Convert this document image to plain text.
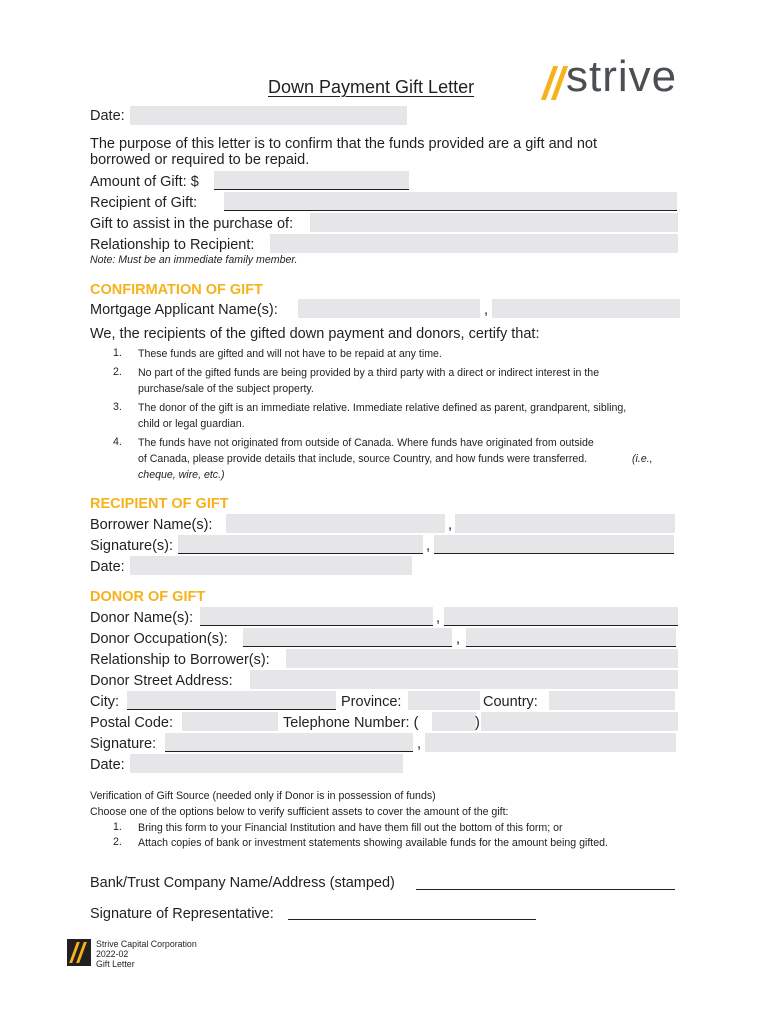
Down Payment Gift Letter strive
Date:
The purpose of this letter is to confirm that the funds provided are a gift and not
borrowed or required to be repaid.
Amount of Gift: $
Recipient of Gift:
Gift to assist in the purchase of:
Relationship to Recipient:
Note: Must be an immediate family member.
CONFIRMATION OF GIFT
Mortgage Applicant Name(s):	,
We, the recipients of the gifted down payment and donors, certify that:
1. These funds are gifted and will not have to be repaid at any time.
2. No part of the gifted funds are being provided by a third party with a direct or indirect interest in the
purchase/sale of the subject property.
3. The donor of the gift is an immediate relative. Immediate relative defined as parent, grandparent, sibling,
child or legal guardian.
4. The funds have not originated from outside of Canada. Where funds have originated from outside
of Canada, please provide details that include, source Country, and how funds were transferred.	(i.e.,
cheque, wire, etc.)
RECIPIENT OF GIFT
Borrower Name(s):	,
Signature(s):	,
Date:
DONOR OF GIFT
Donor Name(s):	,
Donor Occupation(s):	,
Relationship to Borrower(s):
Donor Street Address:
City:	Province:	Country:
Postal Code:	Telephone Number: (	)
Signature:	,
Date:
Verification of Gift Source (needed only if Donor is in possession of funds)
Choose one of the options below to verify sufficient assets to cover the amount of the gift:
1. Bring this form to your Financial Institution and have them fill out the bottom of this form; or
2. Attach copies of bank or investment statements showing available funds for the amount being gifted.
Bank/Trust Company Name/Address (stamped)
Signature of Representative:
Strive Capital Corporation
2022-02
Gift Letter
